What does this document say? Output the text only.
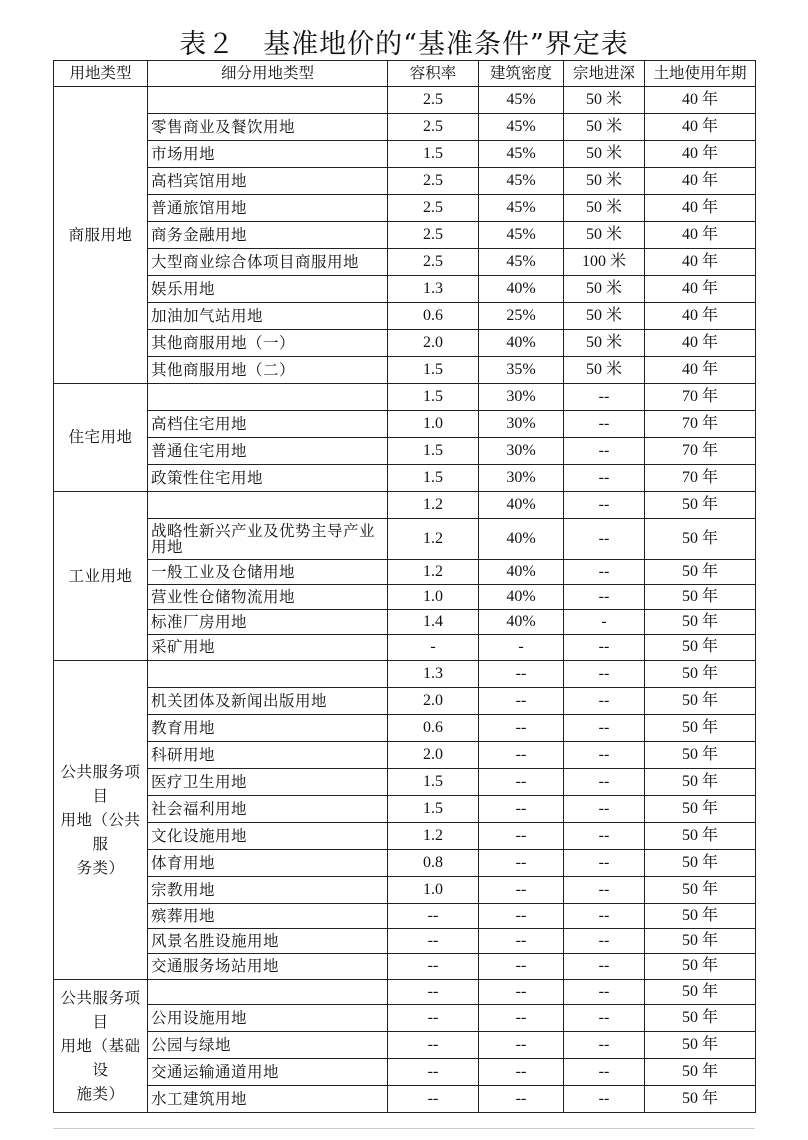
表２　基准地价的“基准条件”界定表
用地类型	细分用地类型	容积率	建筑密度	宗地进深	土地使用年期
商服用地		2.5	45%	50 米	40 年
	零售商业及餐饮用地	2.5	45%	50 米	40 年
	市场用地	1.5	45%	50 米	40 年
	高档宾馆用地	2.5	45%	50 米	40 年
	普通旅馆用地	2.5	45%	50 米	40 年
	商务金融用地	2.5	45%	50 米	40 年
	大型商业综合体项目商服用地	2.5	45%	100 米	40 年
	娱乐用地	1.3	40%	50 米	40 年
	加油加气站用地	0.6	25%	50 米	40 年
	其他商服用地（一）	2.0	40%	50 米	40 年
	其他商服用地（二）	1.5	35%	50 米	40 年
住宅用地		1.5	30%	--	70 年
	高档住宅用地	1.0	30%	--	70 年
	普通住宅用地	1.5	30%	--	70 年
	政策性住宅用地	1.5	30%	--	70 年
工业用地		1.2	40%	--	50 年
	战略性新兴产业及优势主导产业用地	1.2	40%	--	50 年
	一般工业及仓储用地	1.2	40%	--	50 年
	营业性仓储物流用地	1.0	40%	--	50 年
	标准厂房用地	1.4	40%	-	50 年
	采矿用地	-	-	--	50 年
公共服务项目
用地（公共服
务类）		1.3	--	--	50 年
	机关团体及新闻出版用地	2.0	--	--	50 年
	教育用地	0.6	--	--	50 年
	科研用地	2.0	--	--	50 年
	医疗卫生用地	1.5	--	--	50 年
	社会福利用地	1.5	--	--	50 年
	文化设施用地	1.2	--	--	50 年
	体育用地	0.8	--	--	50 年
	宗教用地	1.0	--	--	50 年
	殡葬用地	--	--	--	50 年
	风景名胜设施用地	--	--	--	50 年
	交通服务场站用地	--	--	--	50 年
公共服务项目
用地（基础设
施类）		--	--	--	50 年
	公用设施用地	--	--	--	50 年
	公园与绿地	--	--	--	50 年
	交通运输通道用地	--	--	--	50 年
	水工建筑用地	--	--	--	50 年
